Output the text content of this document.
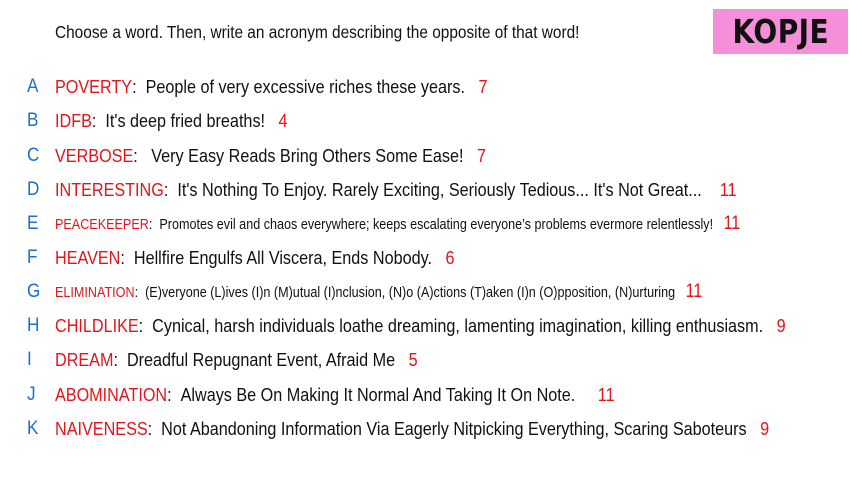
Choose a word. Then, write an acronym describing the opposite of that word!	KOPJE
A POVERTY : People of very excessive riches these years.
7
B IDFB : It's deep fried breaths!
4
C VERBOSE : Very Easy Reads Bring Others Some Ease!
7
D INTERESTING : It's Nothing To Enjoy. Rarely Exciting, Seriously Tedious... It's Not Great...
11
E PEACEKEEPER : Promotes evil and chaos everywhere; keeps escalating everyone’s problems evermore relentlessly!
11
F HEAVEN : Hellfire Engulfs All Viscera, Ends Nobody.
6
G ELIMINATION : (E)veryone (L)ives (I)n (M)utual (I)nclusion, (N)o (A)ctions (T)aken (I)n (O)pposition, (N)urturing
11
H CHILDLIKE : Cynical, harsh individuals loathe dreaming, lamenting imagination, killing enthusiasm.
9
I DREAM : Dreadful Repugnant Event, Afraid Me
5
J ABOMINATION : Always Be On Making It Normal And Taking It On Note.
11
K NAIVENESS : Not Abandoning Information Via Eagerly Nitpicking Everything, Scaring Saboteurs
9
